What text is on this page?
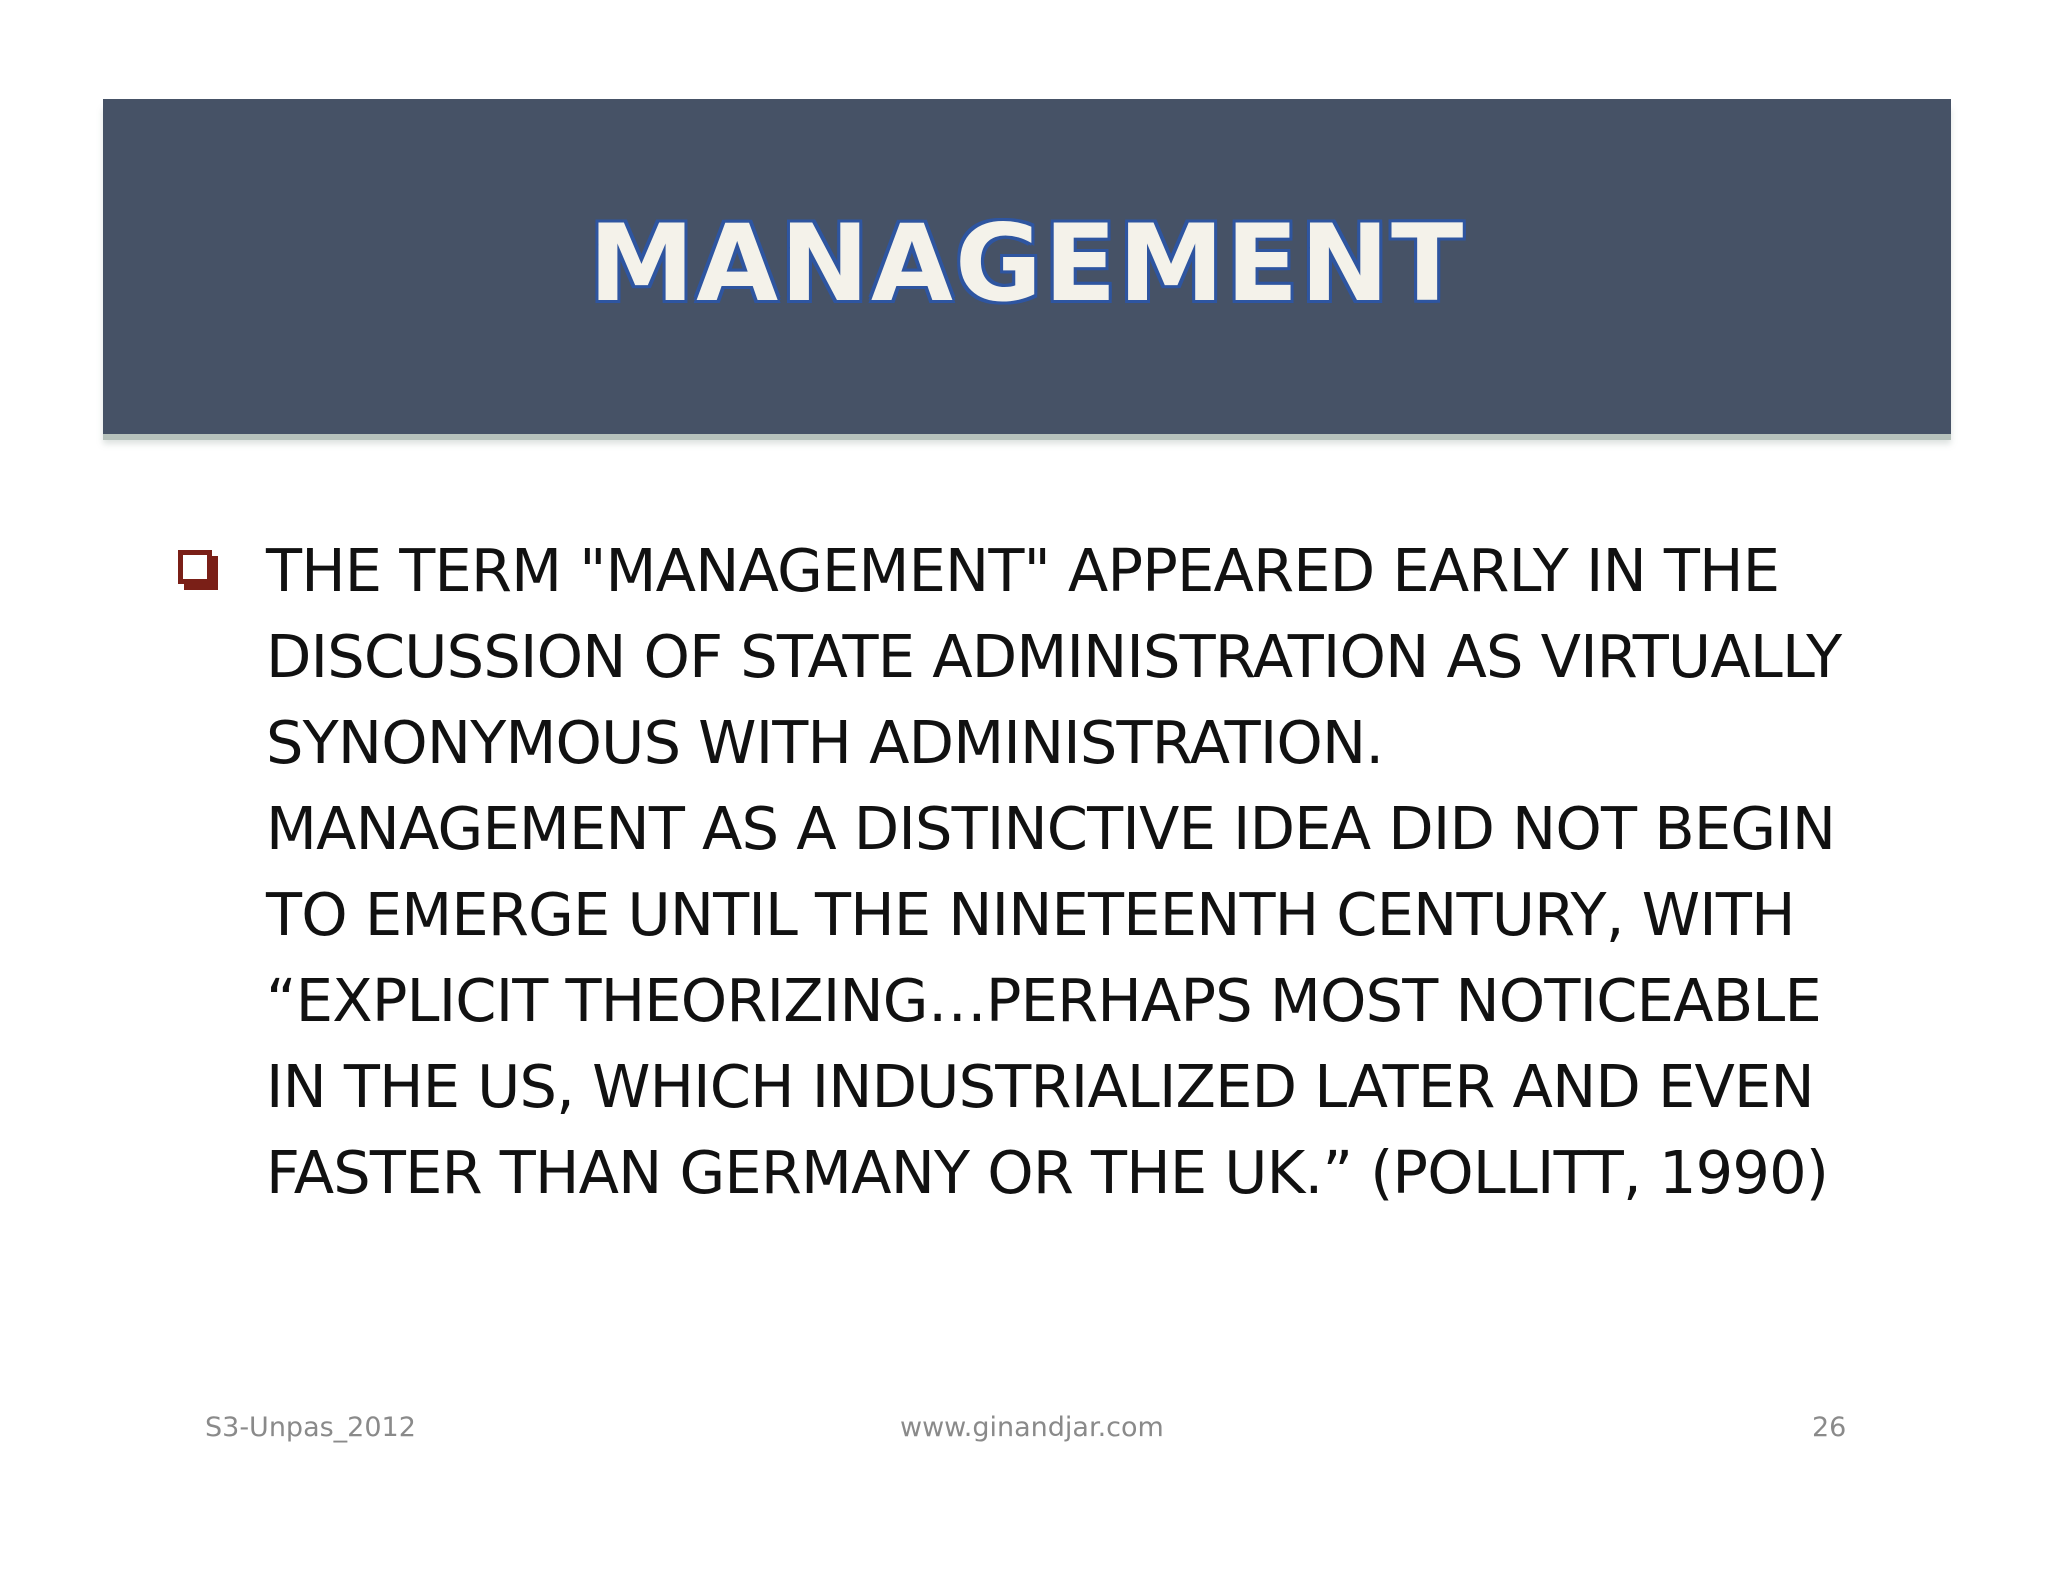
MANAGEMENT
THE TERM "MANAGEMENT" APPEARED EARLY IN THE
DISCUSSION OF STATE ADMINISTRATION AS VIRTUALLY
SYNONYMOUS WITH ADMINISTRATION.
MANAGEMENT AS A DISTINCTIVE IDEA DID NOT BEGIN
TO EMERGE UNTIL THE NINETEENTH CENTURY, WITH
“EXPLICIT THEORIZING…PERHAPS MOST NOTICEABLE
IN THE US, WHICH INDUSTRIALIZED LATER AND EVEN
FASTER THAN GERMANY OR THE UK.” (POLLITT, 1990)
S3-Unpas_2012	www.ginandjar.com	26
